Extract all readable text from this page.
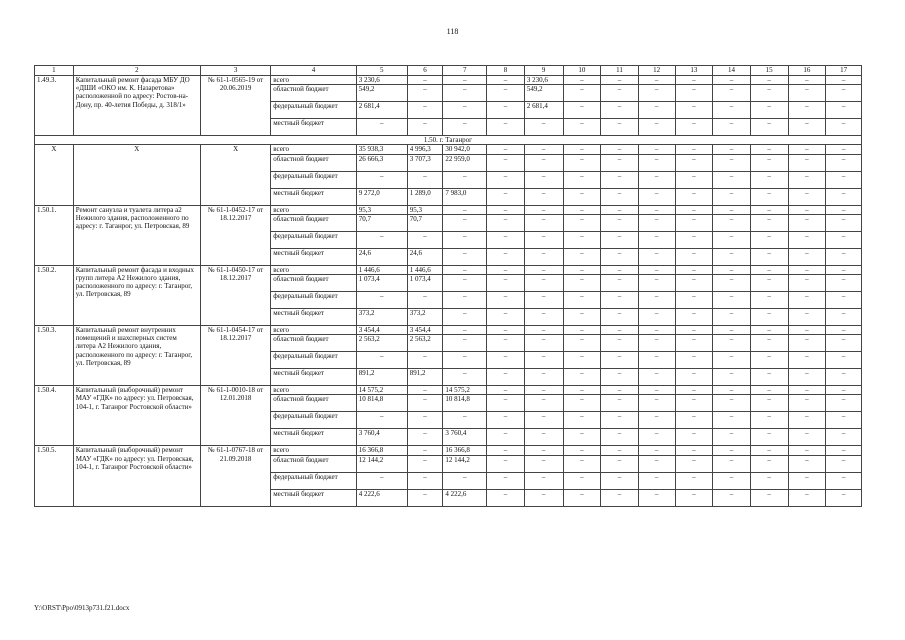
118
1	2	3	4	5	6	7	8	9	10	11	12	13	14	15	16	17
1.49.3.	Капитальный ремонт фасада МБУ ДО «ДШИ «ОКО им. К. Назаретова» расположенной по адресу: Ростов-на-Дону, пр. 40-летия Победы, д. 318/1»	№ 61-1-0565-19 от 20.06.2019	всего	3 230,6	–	–	–	3 230,6	–	–	–	–	–	–	–	–
			областной бюджет	549,2	–	–	–	549,2	–	–	–	–	–	–	–	–
			федеральный бюджет	2 681,4	–	–	–	2 681,4	–	–	–	–	–	–	–	–
			местный бюджет	–	–	–	–	–	–	–	–	–	–	–	–	–
1.50. г. Таганрог																
X	X	X	всего	35 938,3	4 996,3	30 942,0	–	–	–	–	–	–	–	–	–	–
			областной бюджет	26 666,3	3 707,3	22 959,0	–	–	–	–	–	–	–	–	–	–
			федеральный бюджет	–	–	–	–	–	–	–	–	–	–	–	–	–
			местный бюджет	9 272,0	1 289,0	7 983,0	–	–	–	–	–	–	–	–	–	–
1.50.1.	Ремонт санузла и туалета литера а2 Нежилого здания, расположенного по адресу: г. Таганрог, ул. Петровская, 89	№ 61-1-0452-17 от 18.12.2017	всего	95,3	95,3	–	–	–	–	–	–	–	–	–	–	–
			областной бюджет	70,7	70,7	–	–	–	–	–	–	–	–	–	–	–
			федеральный бюджет	–	–	–	–	–	–	–	–	–	–	–	–	–
			местный бюджет	24,6	24,6	–	–	–	–	–	–	–	–	–	–	–
1.50.2.	Капитальный ремонт фасада и входных групп литера А2 Нежилого здания, расположенного по адресу: г. Таганрог, ул. Петровская, 89	№ 61-1-0450-17 от 18.12.2017	всего	1 446,6	1 446,6	–	–	–	–	–	–	–	–	–	–	–
			областной бюджет	1 073,4	1 073,4	–	–	–	–	–	–	–	–	–	–	–
			федеральный бюджет	–	–	–	–	–	–	–	–	–	–	–	–	–
			местный бюджет	373,2	373,2	–	–	–	–	–	–	–	–	–	–	–
1.50.3.	Капитальный ремонт внутренних помещений и шахсперных систем литера А2 Нежилого здания, расположенного по адресу: г. Таганрог, ул. Петровская, 89	№ 61-1-0454-17 от 18.12.2017	всего	3 454,4	3 454,4	–	–	–	–	–	–	–	–	–	–	–
			областной бюджет	2 563,2	2 563,2	–	–	–	–	–	–	–	–	–	–	–
			федеральный бюджет	–	–	–	–	–	–	–	–	–	–	–	–	–
			местный бюджет	891,2	891,2	–	–	–	–	–	–	–	–	–	–	–
1.50.4.	Капитальный (выборочный) ремонт МАУ «ГДК» по адресу: ул. Петровская, 104-1, г. Таганрог Ростовской области»	№ 61-1-0010-18 от 12.01.2018	всего	14 575,2	–	14 575,2	–	–	–	–	–	–	–	–	–	–
			областной бюджет	10 814,8	–	10 814,8	–	–	–	–	–	–	–	–	–	–
			федеральный бюджет	–	–	–	–	–	–	–	–	–	–	–	–	–
			местный бюджет	3 760,4	–	3 760,4	–	–	–	–	–	–	–	–	–	–
1.50.5.	Капитальный (выборочный) ремонт МАУ «ГДК» по адресу: ул. Петровская, 104-1, г. Таганрог Ростовской области»	№ 61-1-0767-18 от 21.09.2018	всего	16 366,8	–	16 366,8	–	–	–	–	–	–	–	–	–	–
			областной бюджет	12 144,2	–	12 144,2	–	–	–	–	–	–	–	–	–	–
			федеральный бюджет	–	–	–	–	–	–	–	–	–	–	–	–	–
			местный бюджет	4 222,6	–	4 222,6	–	–	–	–	–	–	–	–	–	–
Y:\ORST\Ppo\0913p731.f21.docx
